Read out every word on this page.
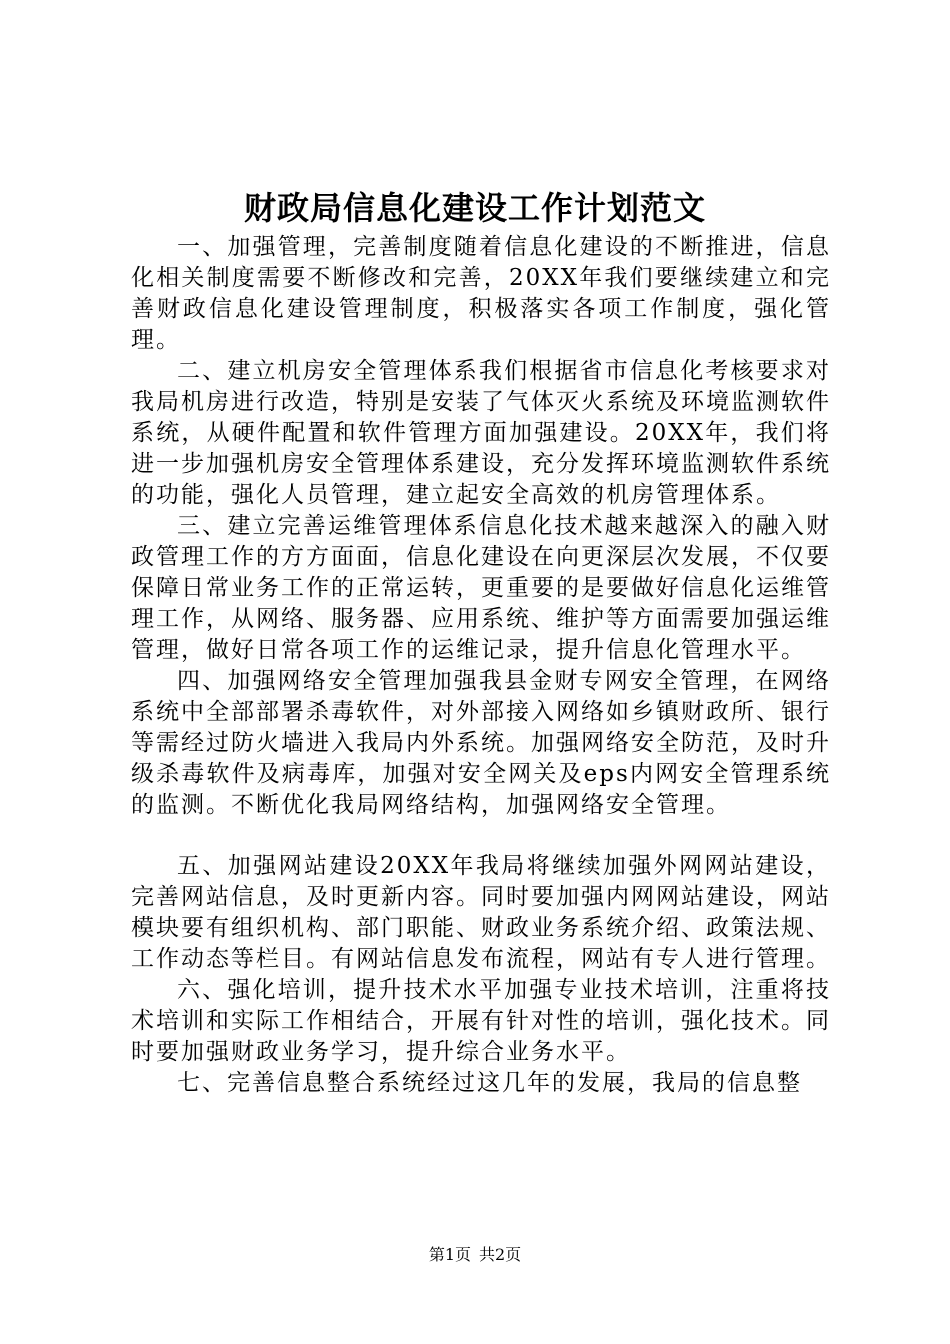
财政局信息化建设工作计划范文

一、加强管理，完善制度随着信息化建设的不断推进，信息化相关制度需要不断修改和完善，20XX年我们要继续建立和完善财政信息化建设管理制度，积极落实各项工作制度，强化管理。

二、建立机房安全管理体系我们根据省市信息化考核要求对我局机房进行改造，特别是安装了气体灭火系统及环境监测软件系统，从硬件配置和软件管理方面加强建设。20XX年，我们将进一步加强机房安全管理体系建设，充分发挥环境监测软件系统的功能，强化人员管理，建立起安全高效的机房管理体系。

三、建立完善运维管理体系信息化技术越来越深入的融入财政管理工作的方方面面，信息化建设在向更深层次发展，不仅要保障日常业务工作的正常运转，更重要的是要做好信息化运维管理工作，从网络、服务器、应用系统、维护等方面需要加强运维管理，做好日常各项工作的运维记录，提升信息化管理水平。

四、加强网络安全管理加强我县金财专网安全管理，在网络系统中全部部署杀毒软件，对外部接入网络如乡镇财政所、银行等需经过防火墙进入我局内外系统。加强网络安全防范，及时升级杀毒软件及病毒库，加强对安全网关及eps内网安全管理系统的监测。不断优化我局网络结构，加强网络安全管理。

五、加强网站建设20XX年我局将继续加强外网网站建设，完善网站信息，及时更新内容。同时要加强内网网站建设，网站模块要有组织机构、部门职能、财政业务系统介绍、政策法规、工作动态等栏目。有网站信息发布流程，网站有专人进行管理。

六、强化培训，提升技术水平加强专业技术培训，注重将技术培训和实际工作相结合，开展有针对性的培训，强化技术。同时要加强财政业务学习，提升综合业务水平。

七、完善信息整合系统经过这几年的发展，我局的信息整

第1页 共2页
